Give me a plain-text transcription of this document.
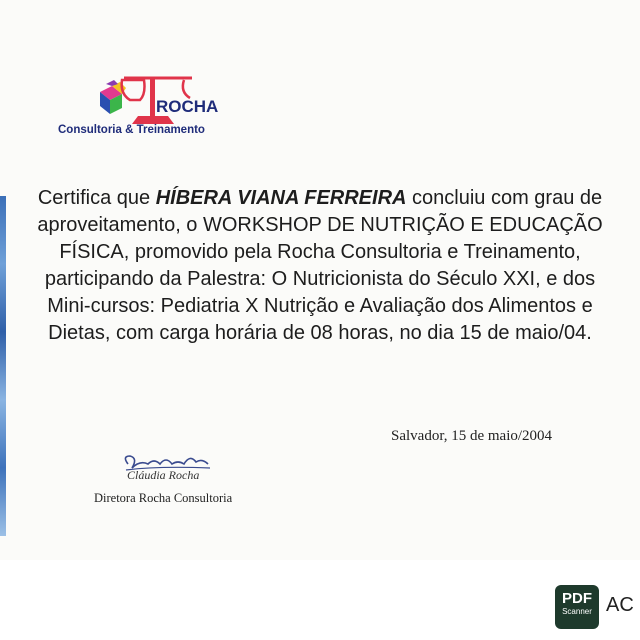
ROCHA
Consultoria & Treinamento
Certifica que HÍBERA VIANA FERREIRA concluiu com grau de aproveitamento, o WORKSHOP DE NUTRIÇÃO E EDUCAÇÃO FÍSICA, promovido pela Rocha Consultoria e Treinamento, participando da Palestra: O Nutricionista do Século XXI, e dos Mini-cursos: Pediatria X Nutrição e Avaliação dos Alimentos e Dietas, com carga horária de 08 horas, no dia 15 de maio/04.
Salvador, 15 de maio/2004
Cláudia Rocha
Diretora Rocha Consultoria
PDF
Scanner AC
